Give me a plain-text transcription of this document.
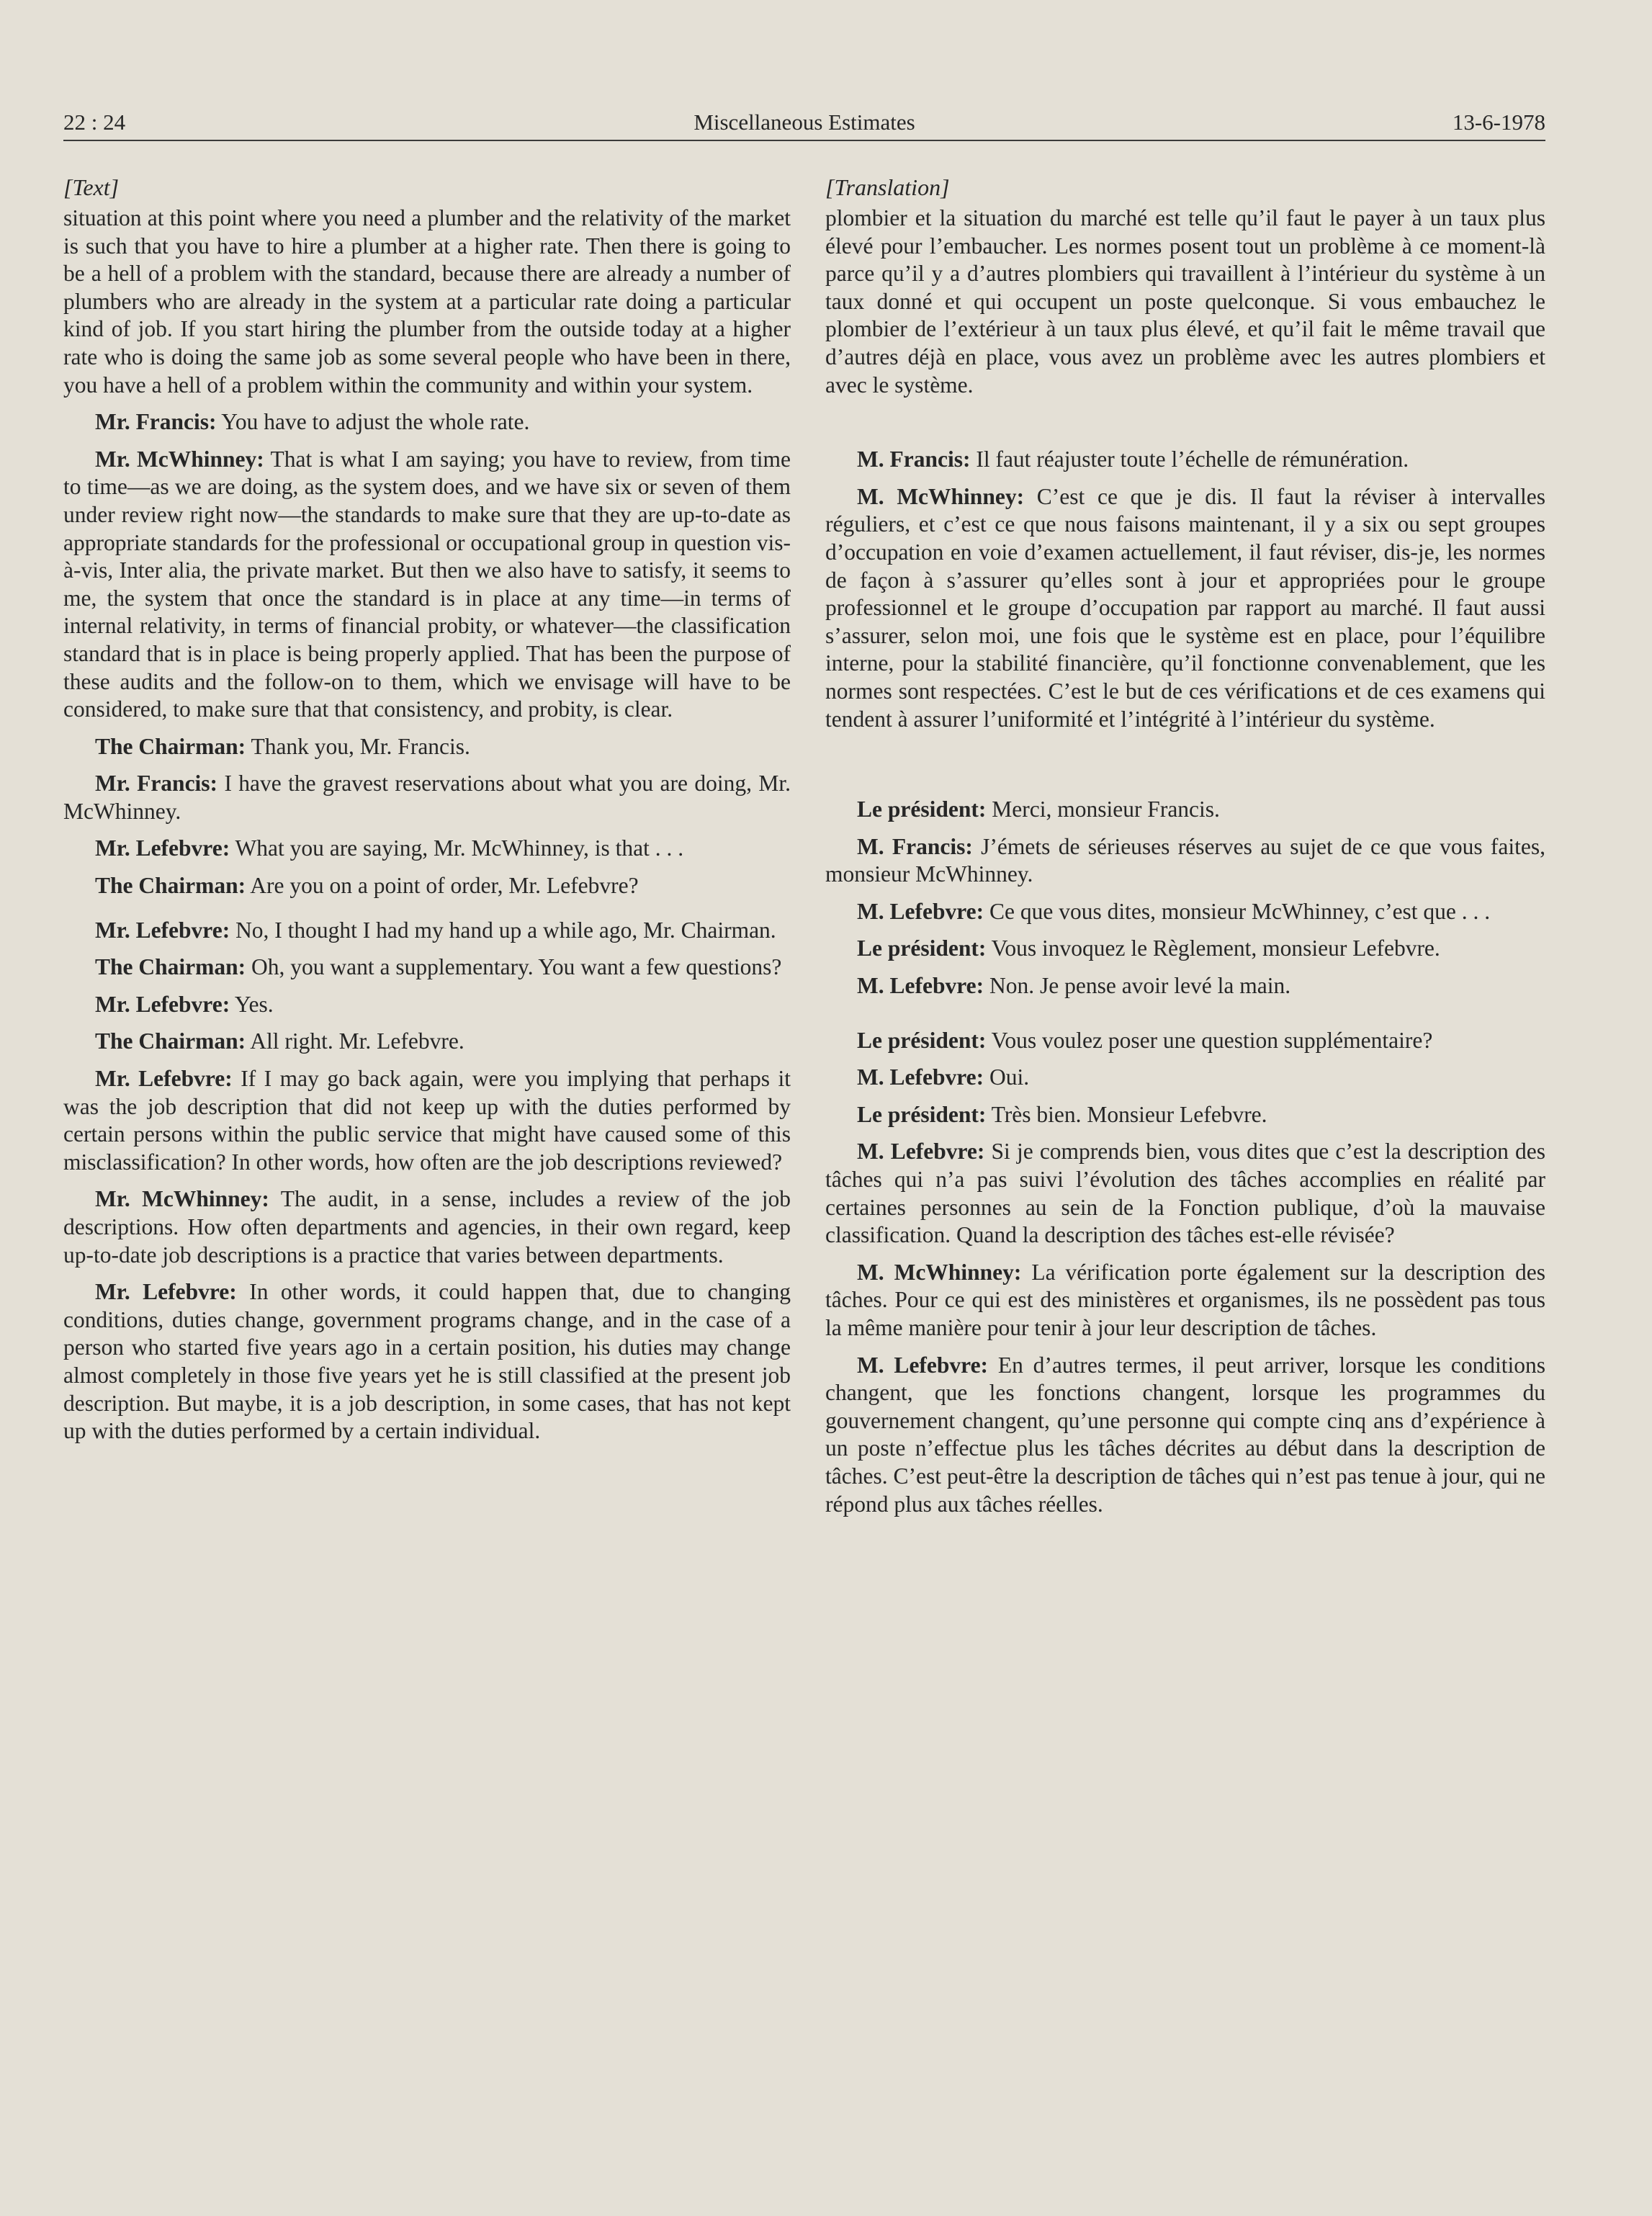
22 : 24	Miscellaneous Estimates	13-6-1978
[Text]

situation at this point where you need a plumber and the relativity of the market is such that you have to hire a plumber at a higher rate. Then there is going to be a hell of a problem with the standard, because there are already a number of plumbers who are already in the system at a particular rate doing a particular kind of job. If you start hiring the plumber from the outside today at a higher rate who is doing the same job as some several people who have been in there, you have a hell of a problem within the community and within your system.

Mr. Francis: You have to adjust the whole rate.

Mr. McWhinney: That is what I am saying; you have to review, from time to time—as we are doing, as the system does, and we have six or seven of them under review right now—the standards to make sure that they are up-to-date as appropriate standards for the professional or occupational group in question vis-à-vis, Inter alia, the private market. But then we also have to satisfy, it seems to me, the system that once the standard is in place at any time—in terms of internal relativity, in terms of financial probity, or whatever—the classification standard that is in place is being properly applied. That has been the purpose of these audits and the follow-on to them, which we envisage will have to be considered, to make sure that that consistency, and probity, is clear.

The Chairman: Thank you, Mr. Francis.

Mr. Francis: I have the gravest reservations about what you are doing, Mr. McWhinney.

Mr. Lefebvre: What you are saying, Mr. McWhinney, is that . . .

The Chairman: Are you on a point of order, Mr. Lefebvre?

Mr. Lefebvre: No, I thought I had my hand up a while ago, Mr. Chairman.

The Chairman: Oh, you want a supplementary. You want a few questions?

Mr. Lefebvre: Yes.

The Chairman: All right. Mr. Lefebvre.

Mr. Lefebvre: If I may go back again, were you implying that perhaps it was the job description that did not keep up with the duties performed by certain persons within the public service that might have caused some of this misclassification? In other words, how often are the job descriptions reviewed?

Mr. McWhinney: The audit, in a sense, includes a review of the job descriptions. How often departments and agencies, in their own regard, keep up-to-date job descriptions is a practice that varies between departments.

Mr. Lefebvre: In other words, it could happen that, due to changing conditions, duties change, government programs change, and in the case of a person who started five years ago in a certain position, his duties may change almost completely in those five years yet he is still classified at the present job description. But maybe, it is a job description, in some cases, that has not kept up with the duties performed by a certain individual.

[Translation]

plombier et la situation du marché est telle qu’il faut le payer à un taux plus élevé pour l’embaucher. Les normes posent tout un problème à ce moment-là parce qu’il y a d’autres plombiers qui travaillent à l’intérieur du système à un taux donné et qui occupent un poste quelconque. Si vous embauchez le plombier de l’extérieur à un taux plus élevé, et qu’il fait le même travail que d’autres déjà en place, vous avez un problème avec les autres plombiers et avec le système.

M. Francis: Il faut réajuster toute l’échelle de rémunération.

M. McWhinney: C’est ce que je dis. Il faut la réviser à intervalles réguliers, et c’est ce que nous faisons maintenant, il y a six ou sept groupes d’occupation en voie d’examen actuellement, il faut réviser, dis-je, les normes de façon à s’assurer qu’elles sont à jour et appropriées pour le groupe professionnel et le groupe d’occupation par rapport au marché. Il faut aussi s’assurer, selon moi, une fois que le système est en place, pour l’équilibre interne, pour la stabilité financière, qu’il fonctionne convenablement, que les normes sont respectées. C’est le but de ces vérifications et de ces examens qui tendent à assurer l’uniformité et l’intégrité à l’intérieur du système.

Le président: Merci, monsieur Francis.

M. Francis: J’émets de sérieuses réserves au sujet de ce que vous faites, monsieur McWhinney.

M. Lefebvre: Ce que vous dites, monsieur McWhinney, c’est que . . .

Le président: Vous invoquez le Règlement, monsieur Lefebvre.

M. Lefebvre: Non. Je pense avoir levé la main.

Le président: Vous voulez poser une question supplémentaire?

M. Lefebvre: Oui.

Le président: Très bien. Monsieur Lefebvre.

M. Lefebvre: Si je comprends bien, vous dites que c’est la description des tâches qui n’a pas suivi l’évolution des tâches accomplies en réalité par certaines personnes au sein de la Fonction publique, d’où la mauvaise classification. Quand la description des tâches est-elle révisée?

M. McWhinney: La vérification porte également sur la description des tâches. Pour ce qui est des ministères et organismes, ils ne possèdent pas tous la même manière pour tenir à jour leur description de tâches.

M. Lefebvre: En d’autres termes, il peut arriver, lorsque les conditions changent, que les fonctions changent, lorsque les programmes du gouvernement changent, qu’une personne qui compte cinq ans d’expérience à un poste n’effectue plus les tâches décrites au début dans la description de tâches. C’est peut-être la description de tâches qui n’est pas tenue à jour, qui ne répond plus aux tâches réelles.
